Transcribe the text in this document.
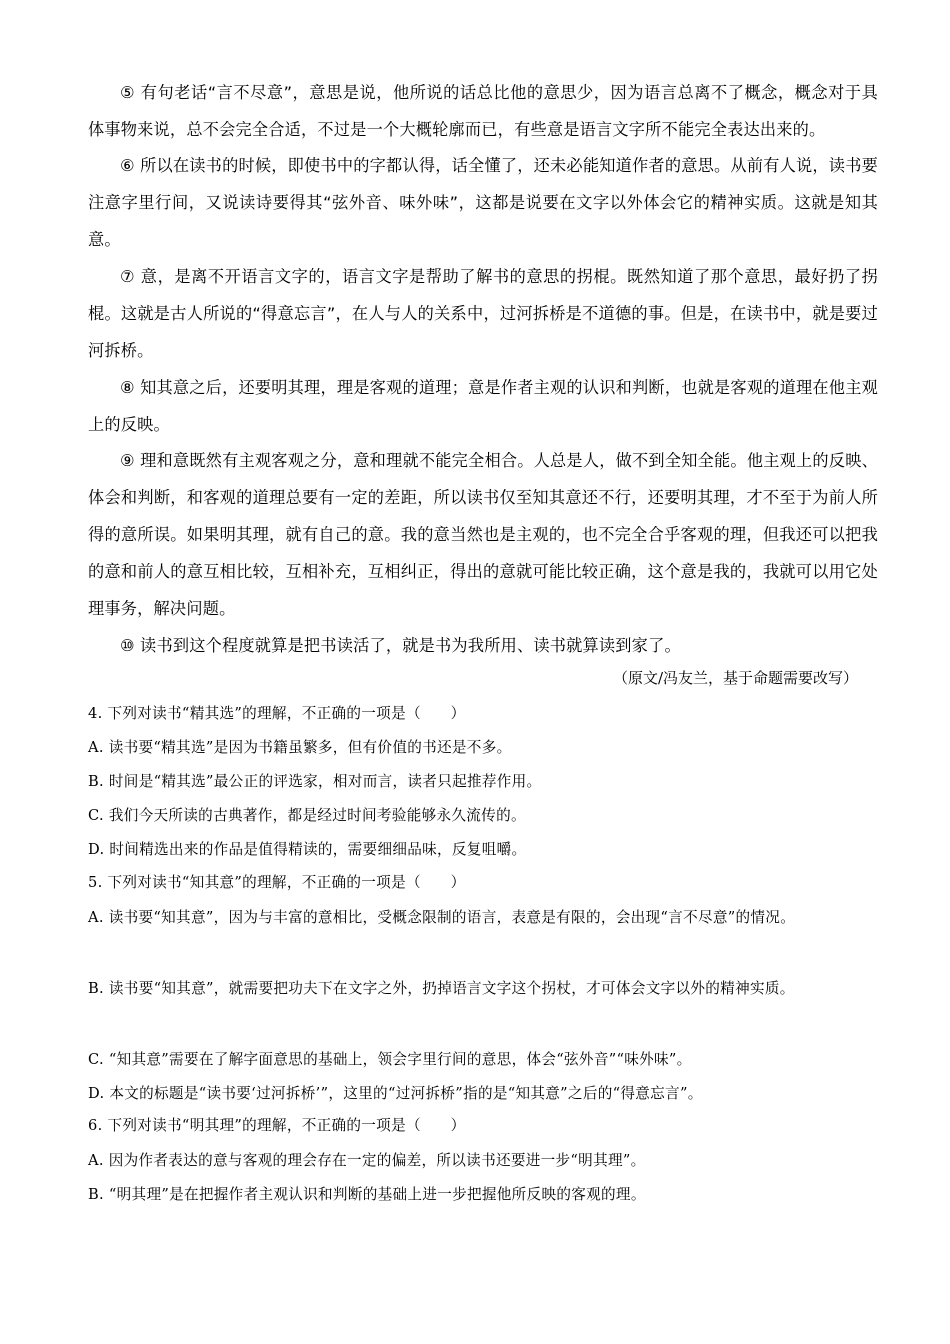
⑤ 有句老话“言不尽意”，意思是说，他所说的话总比他的意思少，因为语言总离不了概念，概念对于具体事物来说，总不会完全合适，不过是一个大概轮廓而已，有些意是语言文字所不能完全表达出来的。

⑥ 所以在读书的时候，即使书中的字都认得，话全懂了，还未必能知道作者的意思。从前有人说，读书要注意字里行间，又说读诗要得其“弦外音、味外味”，这都是说要在文字以外体会它的精神实质。这就是知其意。

⑦ 意，是离不开语言文字的，语言文字是帮助了解书的意思的拐棍。既然知道了那个意思，最好扔了拐棍。这就是古人所说的“得意忘言”，在人与人的关系中，过河拆桥是不道德的事。但是，在读书中，就是要过河拆桥。

⑧ 知其意之后，还要明其理，理是客观的道理；意是作者主观的认识和判断，也就是客观的道理在他主观上的反映。

⑨ 理和意既然有主观客观之分，意和理就不能完全相合。人总是人，做不到全知全能。他主观上的反映、体会和判断，和客观的道理总要有一定的差距，所以读书仅至知其意还不行，还要明其理，才不至于为前人所得的意所误。如果明其理，就有自己的意。我的意当然也是主观的，也不完全合乎客观的理，但我还可以把我的意和前人的意互相比较，互相补充，互相纠正，得出的意就可能比较正确，这个意是我的，我就可以用它处理事务，解决问题。

⑩ 读书到这个程度就算是把书读活了，就是书为我所用、读书就算读到家了。

（原文/冯友兰，基于命题需要改写）

4. 下列对读书“精其选”的理解，不正确的一项是（　　）

A. 读书要“精其选”是因为书籍虽繁多，但有价值的书还是不多。

B. 时间是“精其选”最公正的评选家，相对而言，读者只起推荐作用。

C. 我们今天所读的古典著作，都是经过时间考验能够永久流传的。

D. 时间精选出来的作品是值得精读的，需要细细品味，反复咀嚼。

5. 下列对读书“知其意”的理解，不正确的一项是（　　）

A. 读书要“知其意”，因为与丰富的意相比，受概念限制的语言，表意是有限的，会出现“言不尽意”的情况。

B. 读书要“知其意”，就需要把功夫下在文字之外，扔掉语言文字这个拐杖，才可体会文字以外的精神实质。

C. “知其意”需要在了解字面意思的基础上，领会字里行间的意思，体会“弦外音”“味外味”。

D. 本文的标题是“读书要‘过河拆桥’”，这里的“过河拆桥”指的是“知其意”之后的“得意忘言”。

6. 下列对读书“明其理”的理解，不正确的一项是（　　）

A. 因为作者表达的意与客观的理会存在一定的偏差，所以读书还要进一步“明其理”。

B. “明其理”是在把握作者主观认识和判断的基础上进一步把握他所反映的客观的理。
